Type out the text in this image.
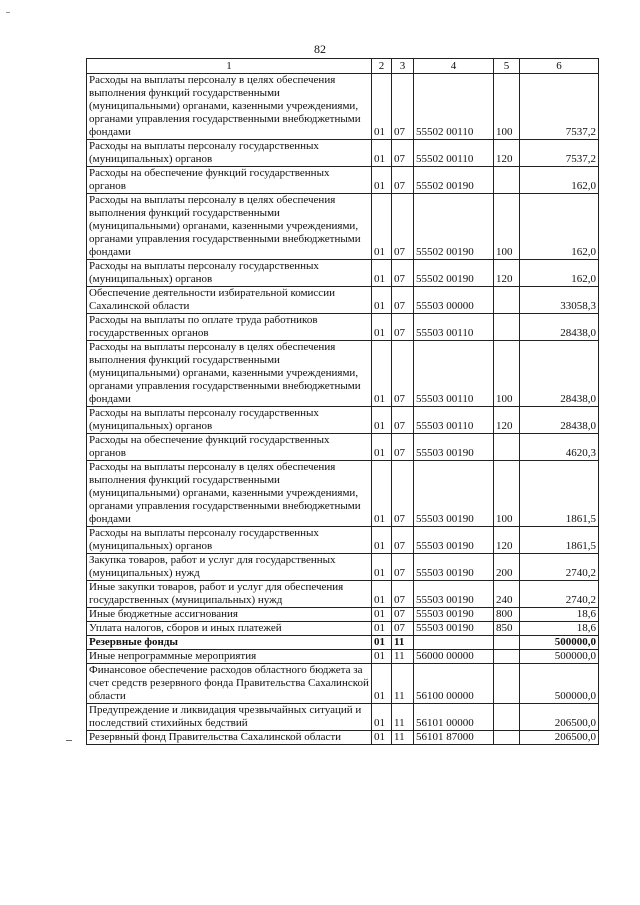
82
1	2	3	4	5	6
Расходы на выплаты персоналу в целях обеспечения выполнения функций государственными (муниципальными) органами, казенными учреждениями, органами управления государственными внебюджетными фондами	01	07	55502 00110	100	7537,2
Расходы на выплаты персоналу государственных (муниципальных) органов	01	07	55502 00110	120	7537,2
Расходы на обеспечение функций государственных органов	01	07	55502 00190		162,0
Расходы на выплаты персоналу в целях обеспечения выполнения функций государственными (муниципальными) органами, казенными учреждениями, органами управления государственными внебюджетными фондами	01	07	55502 00190	100	162,0
Расходы на выплаты персоналу государственных (муниципальных) органов	01	07	55502 00190	120	162,0
Обеспечение деятельности избирательной комиссии Сахалинской области	01	07	55503 00000		33058,3
Расходы на выплаты по оплате труда работников государственных органов	01	07	55503 00110		28438,0
Расходы на выплаты персоналу в целях обеспечения выполнения функций государственными (муниципальными) органами, казенными учреждениями, органами управления государственными внебюджетными фондами	01	07	55503 00110	100	28438,0
Расходы на выплаты персоналу государственных (муниципальных) органов	01	07	55503 00110	120	28438,0
Расходы на обеспечение функций государственных органов	01	07	55503 00190		4620,3
Расходы на выплаты персоналу в целях обеспечения выполнения функций государственными (муниципальными) органами, казенными учреждениями, органами управления государственными внебюджетными фондами	01	07	55503 00190	100	1861,5
Расходы на выплаты персоналу государственных (муниципальных) органов	01	07	55503 00190	120	1861,5
Закупка товаров, работ и услуг для государственных (муниципальных) нужд	01	07	55503 00190	200	2740,2
Иные закупки товаров, работ и услуг для обеспечения государственных (муниципальных) нужд	01	07	55503 00190	240	2740,2
Иные бюджетные ассигнования	01	07	55503 00190	800	18,6
Уплата налогов, сборов и иных платежей	01	07	55503 00190	850	18,6
Резервные фонды	01	11			500000,0
Иные непрограммные мероприятия	01	11	56000 00000		500000,0
Финансовое обеспечение расходов областного бюджета за счет средств резервного фонда Правительства Сахалинской области	01	11	56100 00000		500000,0
Предупреждение и ликвидация чрезвычайных ситуаций и последствий стихийных бедствий	01	11	56101 00000		206500,0
Резервный фонд Правительства Сахалинской области	01	11	56101 87000		206500,0
